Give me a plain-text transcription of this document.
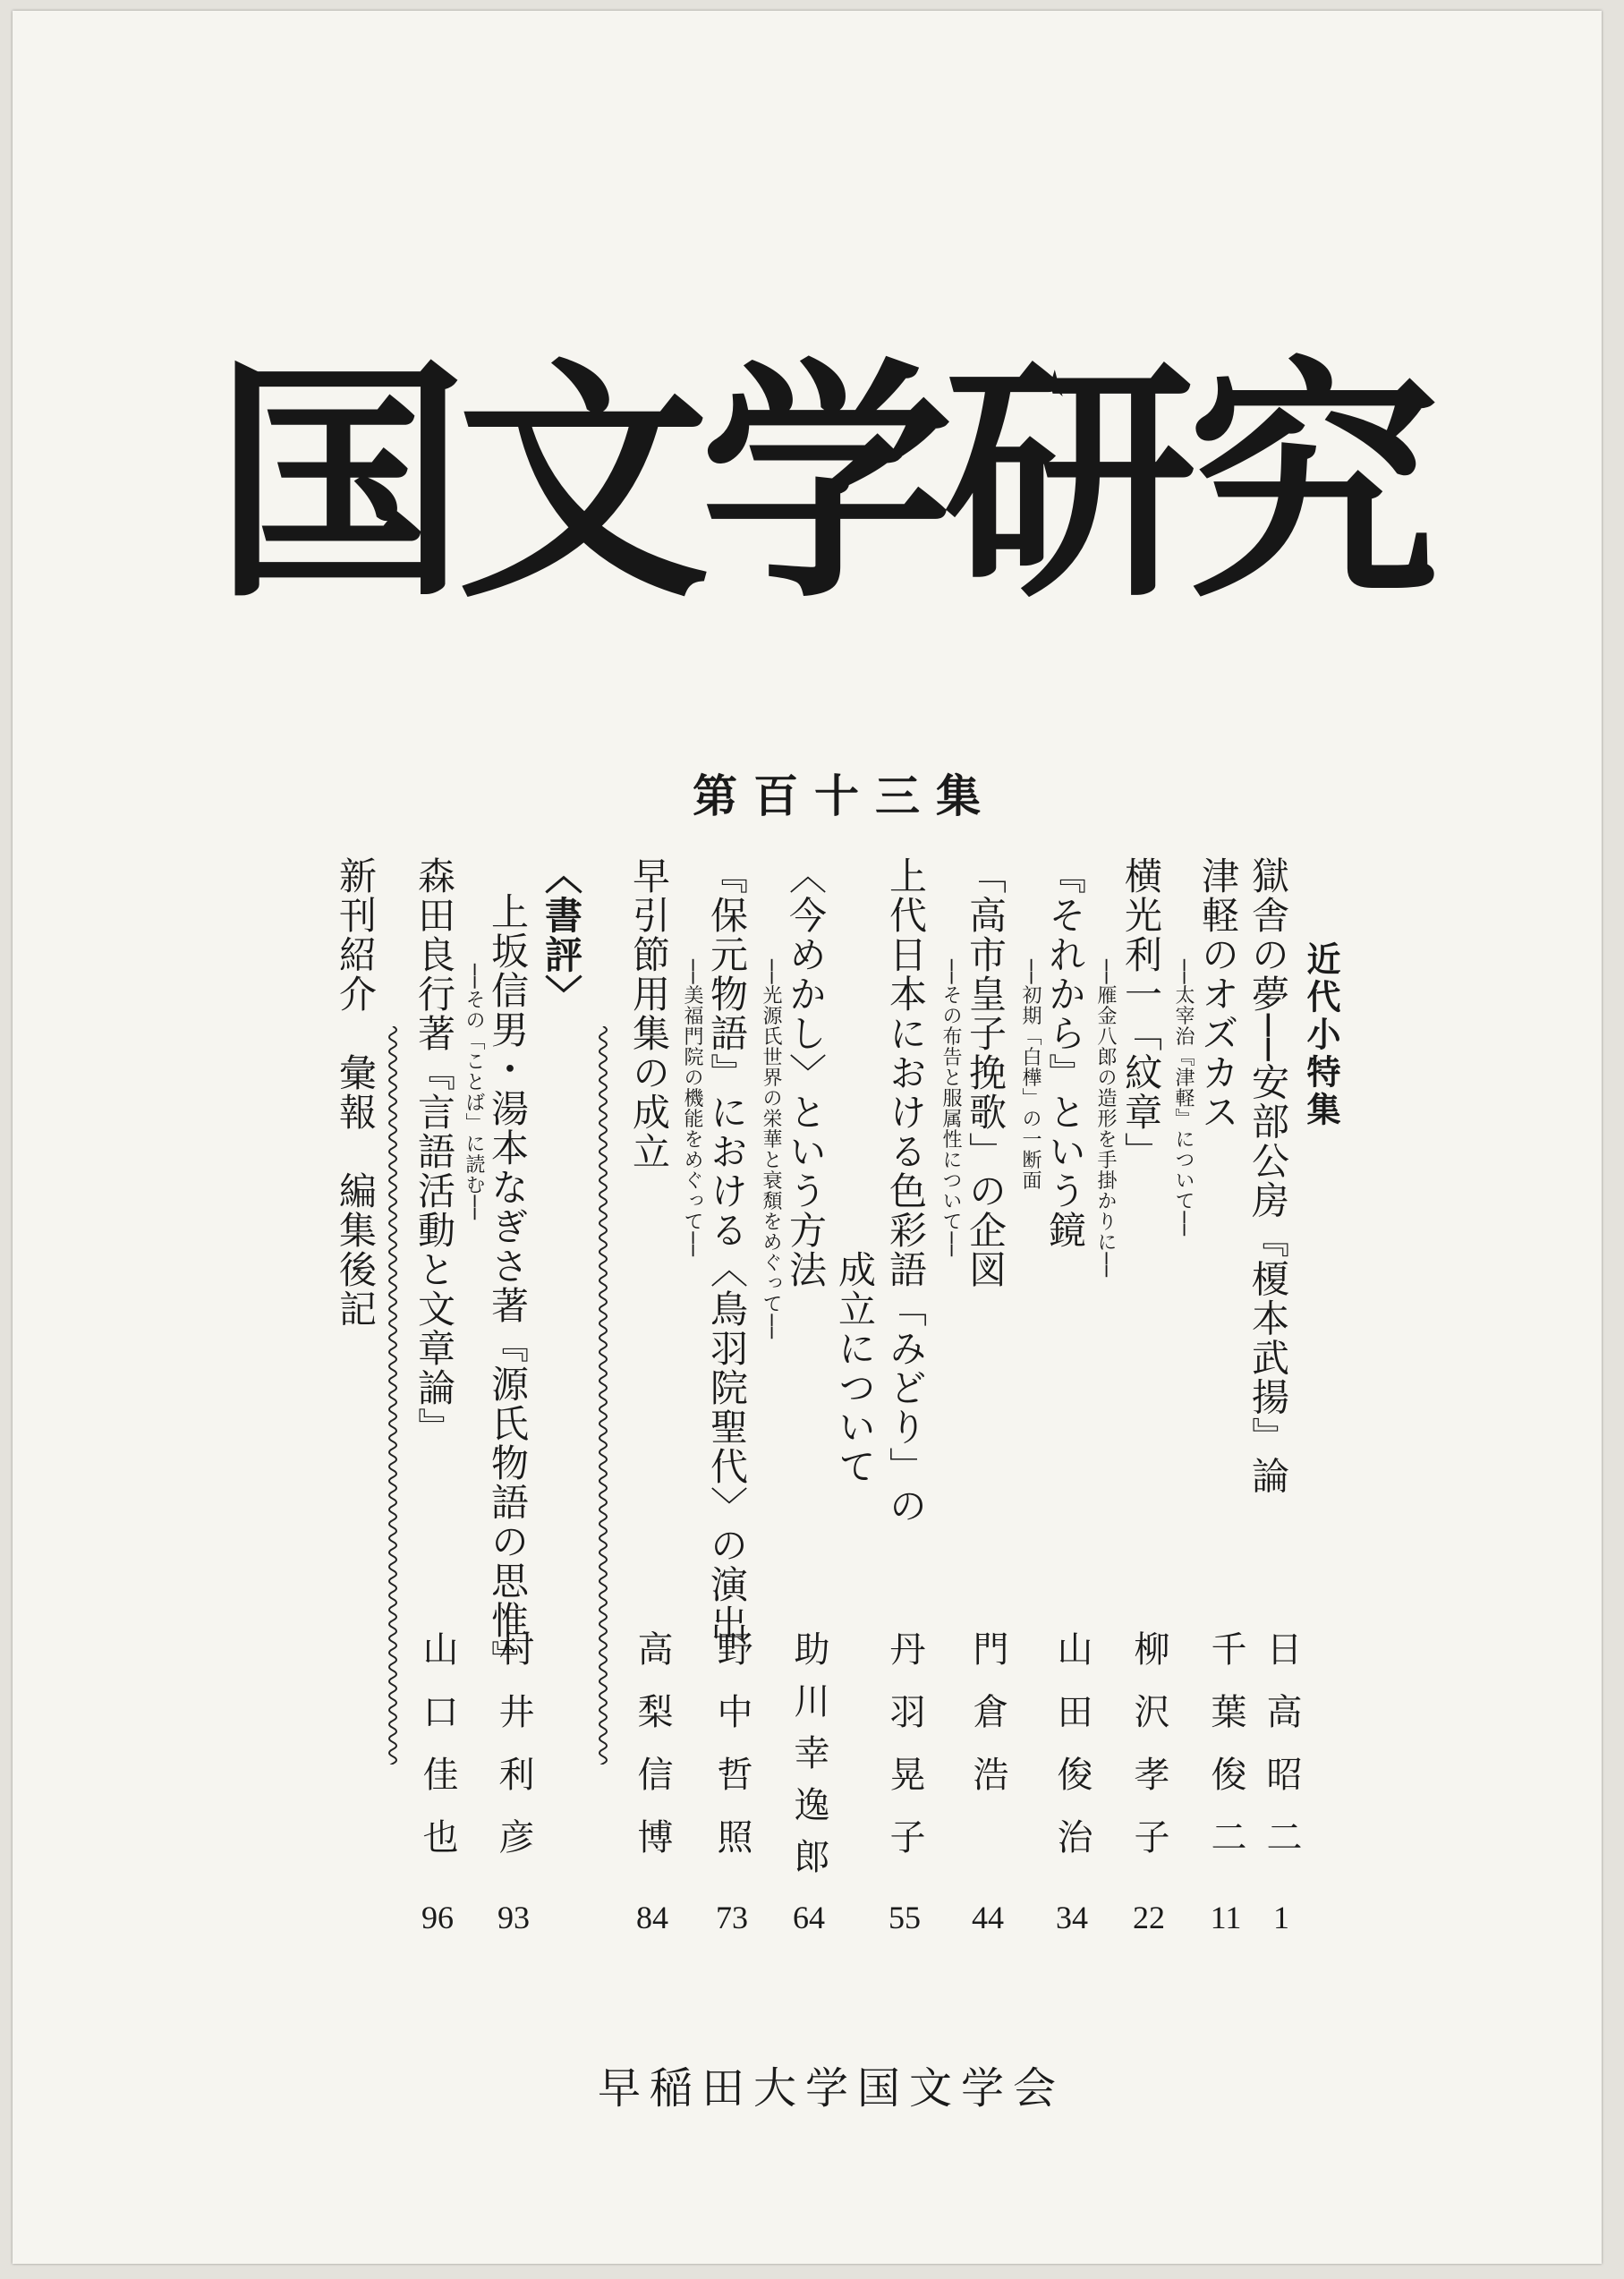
国文学研究
第百十三集
近代小特集
獄舎の夢──安部公房『榎本武揚』論
津軽のオズカス
──太宰治『津軽』について──
横光利一「紋章」
──雁金八郎の造形を手掛かりに──
『それから』という鏡
──初期「白樺」の一断面
「高市皇子挽歌」の企図
──その布告と服属性について──
上代日本における色彩語「みどり」の
成立について
〈今めかし〉という方法
──光源氏世界の栄華と衰頽をめぐって──
『保元物語』における〈鳥羽院聖代〉の演出
──美福門院の機能をめぐって──
早引節用集の成立
〈書評〉
上坂信男・湯本なぎさ著『源氏物語の思惟』
──その「ことば」に読む──
森田良行著『言語活動と文章論』
新刊紹介　彙報　編集後記
日高昭二
千葉俊二
柳沢孝子
山田俊治
門倉浩
丹羽晃子
助川幸逸郎
野中哲照
高梨信博
村井利彦
山口佳也
1
11
22
34
44
55
64
73
84
93
96
早稲田大学国文学会
